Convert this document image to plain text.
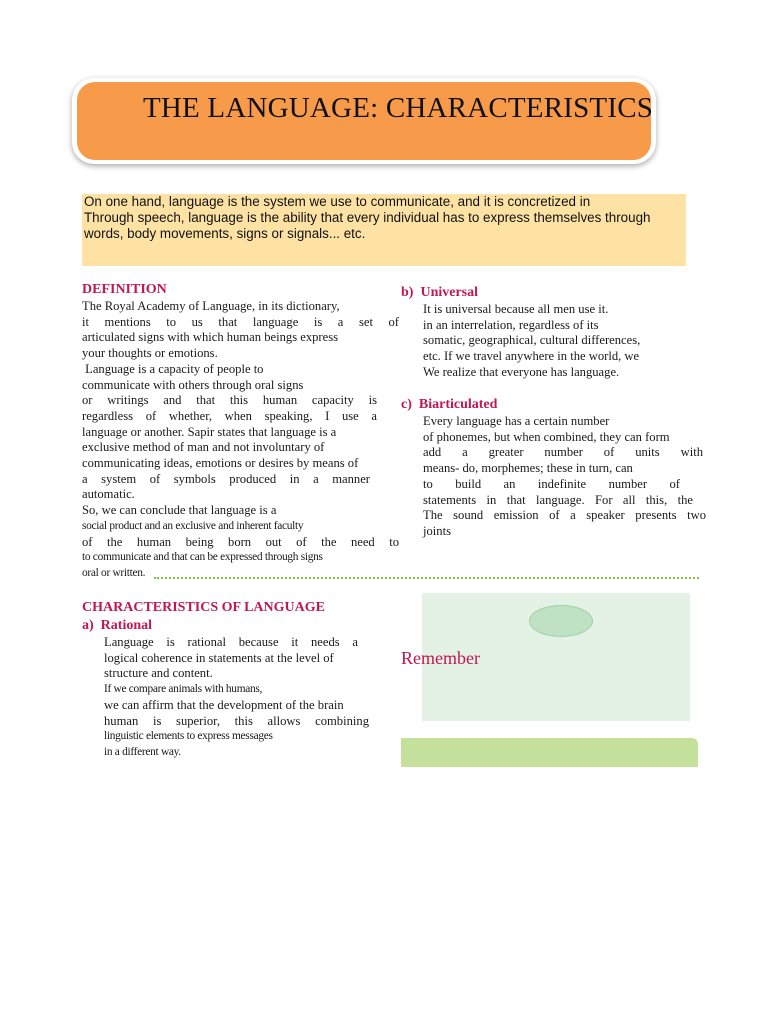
THE LANGUAGE: CHARACTERISTICS

On one hand, language is the system we use to communicate, and it is concretized in

Through speech, language is the ability that every individual has to express themselves through

words, body movements, signs or signals... etc.

DEFINITION

The Royal Academy of Language, in its dictionary,

it mentions to us that language is a set of

articulated signs with which human beings express

your thoughts or emotions.

Language is a capacity of people to

communicate with others through oral signs

or writings and that this human capacity is

regardless of whether, when speaking, I use a

language or another. Sapir states that language is a

exclusive method of man and not involuntary of

communicating ideas, emotions or desires by means of

a system of symbols produced in a manner

automatic.

So, we can conclude that language is a

social product and an exclusive and inherent faculty

of the human being born out of the need to

to communicate and that can be expressed through signs

oral or written.

b) Universal

It is universal because all men use it.

in an interrelation, regardless of its

somatic, geographical, cultural differences,

etc. If we travel anywhere in the world, we

We realize that everyone has language.

c) Biarticulated

Every language has a certain number

of phonemes, but when combined, they can form

add a greater number of units with

means- do, morphemes; these in turn, can

to build an indefinite number of

statements in that language. For all this, the

The sound emission of a speaker presents two

joints

CHARACTERISTICS OF LANGUAGE

a) Rational

Language is rational because it needs a

logical coherence in statements at the level of

structure and content.

If we compare animals with humans,

we can affirm that the development of the brain

human is superior, this allows combining

linguistic elements to express messages

in a different way.

Remember
